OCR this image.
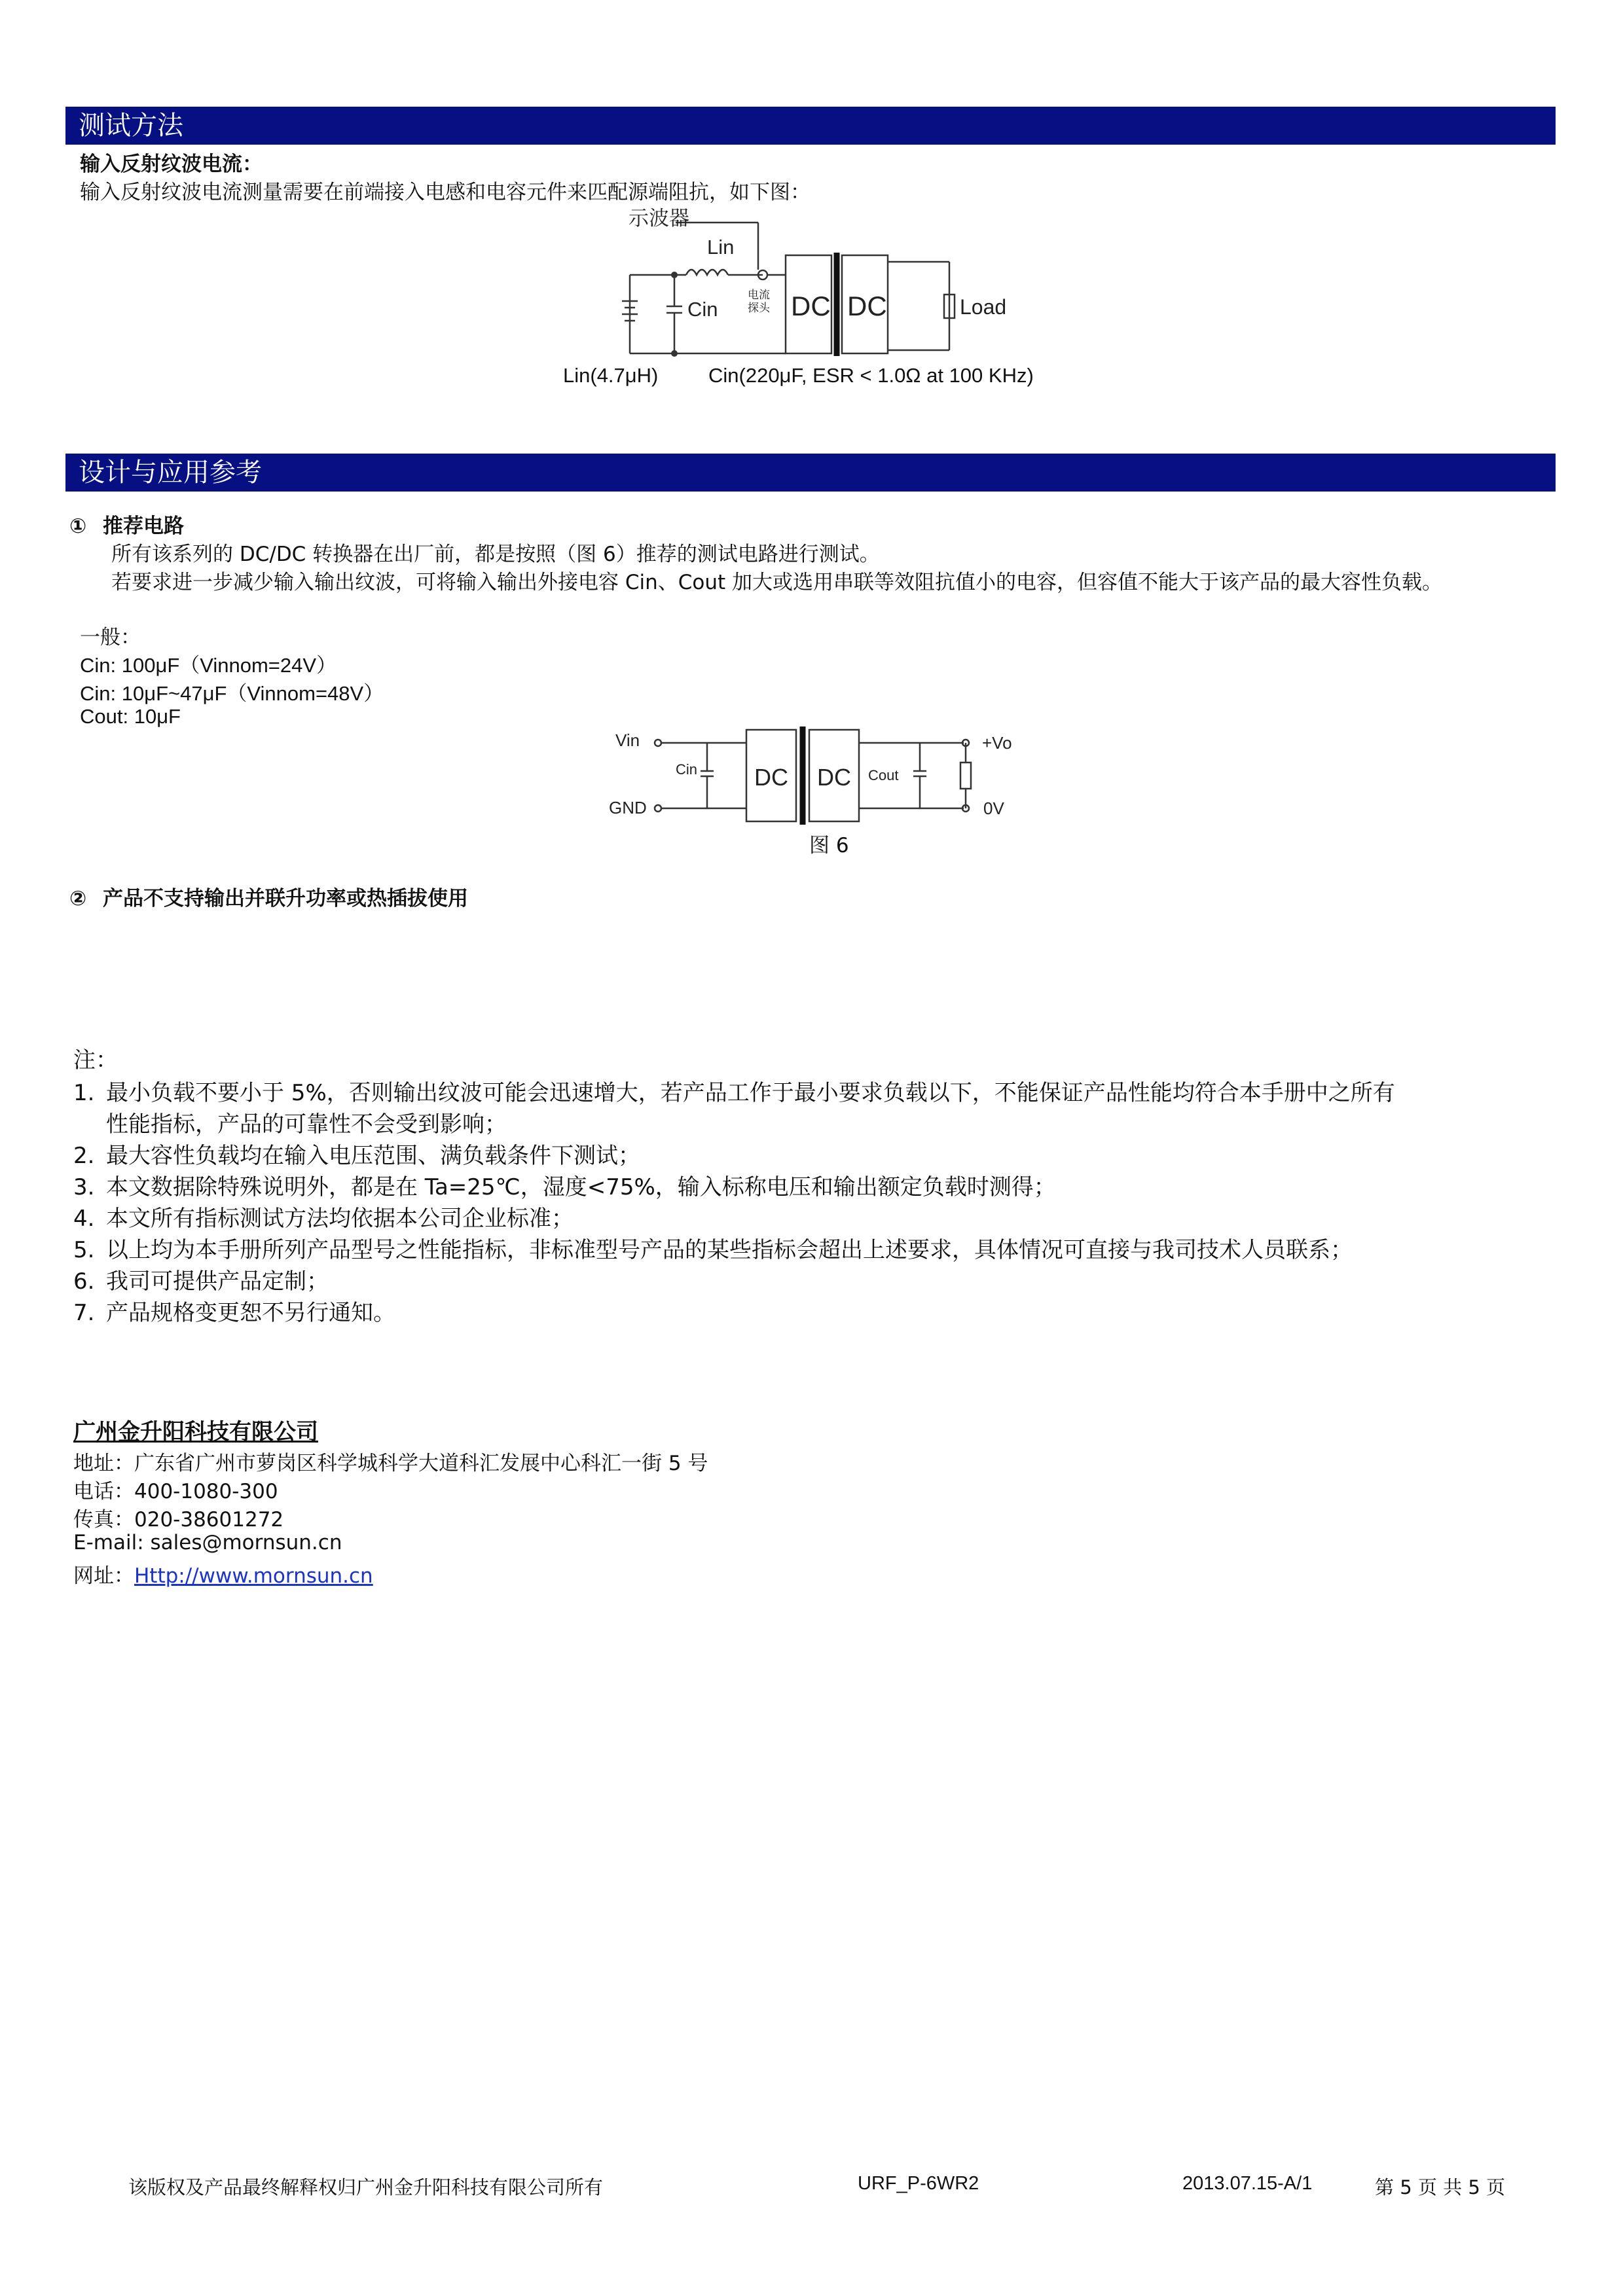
测试方法
输入反射纹波电流：
输入反射纹波电流测量需要在前端接入电感和电容元件来匹配源端阻抗，如下图：
示波器
Lin
Cin
电流
探头 DC DC	Load
Lin(4.7μH) Cin(220μF, ESR < 1.0Ω at 100 KHz)
设计与应用参考
① 推荐电路
所有该系列的 DC/DC 转换器在出厂前，都是按照（图 6）推荐的测试电路进行测试。
若要求进一步减少输入输出纹波，可将输入输出外接电容 Cin、Cout 加大或选用串联等效阻抗值小的电容，但容值不能大于该产品的最大容性负载。
一般：
Cin: 100μF（Vinnom=24V）
Cin: 10μF~47μF（Vinnom=48V）
Cout: 10μF
Vin
GND
Cin DC DC Cout
+Vo
0V
图 6
② 产品不支持输出并联升功率或热插拔使用
注：
1. 最小负载不要小于 5%，否则输出纹波可能会迅速增大，若产品工作于最小要求负载以下，不能保证产品性能均符合本手册中之所有
性能指标，产品的可靠性不会受到影响；
2. 最大容性负载均在输入电压范围、满负载条件下测试；
3. 本文数据除特殊说明外，都是在 Ta=25℃，湿度<75%，输入标称电压和输出额定负载时测得；
4. 本文所有指标测试方法均依据本公司企业标准；
5. 以上均为本手册所列产品型号之性能指标，非标准型号产品的某些指标会超出上述要求，具体情况可直接与我司技术人员联系；
6. 我司可提供产品定制；
7. 产品规格变更恕不另行通知。
广州金升阳科技有限公司
地址：广东省广州市萝岗区科学城科学大道科汇发展中心科汇一街 5 号
电话：400-1080-300
传真：020-38601272
E-mail: sales@mornsun.cn
网址：Http://www.mornsun.cn
该版权及产品最终解释权归广州金升阳科技有限公司所有	URF_P-6WR2	2013.07.15-A/1	第 5 页 共 5 页
